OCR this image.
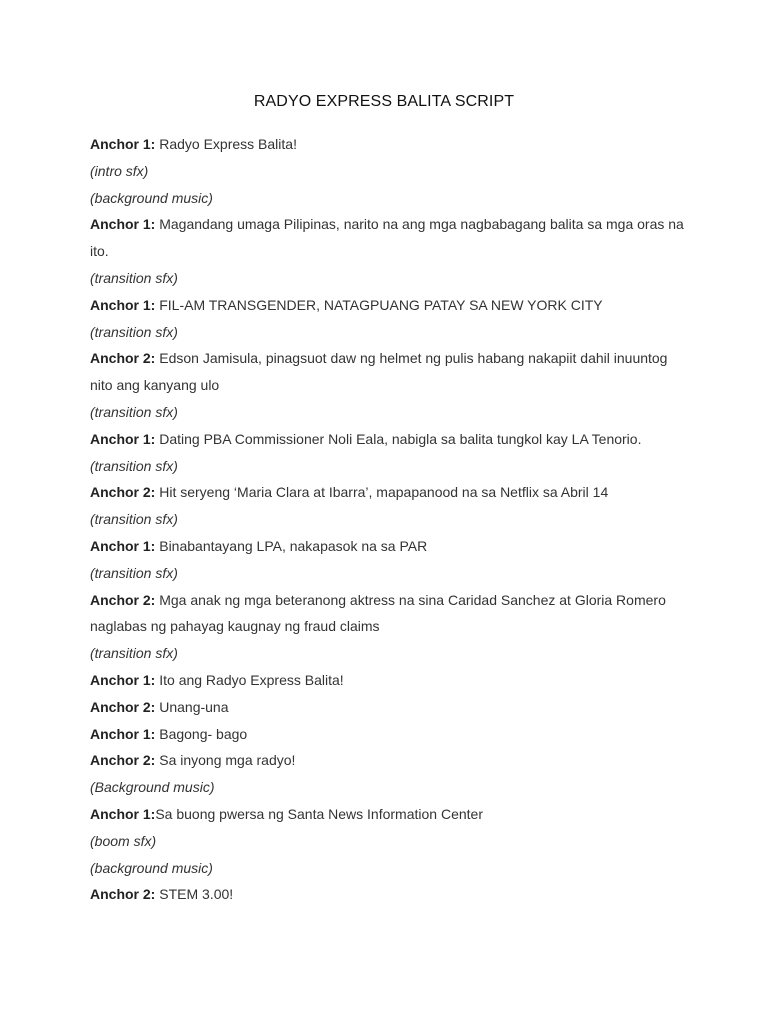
RADYO EXPRESS BALITA SCRIPT
Anchor 1: Radyo Express Balita!
(intro sfx)
(background music)
Anchor 1: Magandang umaga Pilipinas, narito na ang mga nagbabagang balita sa mga oras na ito.
(transition sfx)
Anchor 1: FIL-AM TRANSGENDER, NATAGPUANG PATAY SA NEW YORK CITY
(transition sfx)
Anchor 2: Edson Jamisula, pinagsuot daw ng helmet ng pulis habang nakapiit dahil inuuntog nito ang kanyang ulo
(transition sfx)
Anchor 1: Dating PBA Commissioner Noli Eala, nabigla sa balita tungkol kay LA Tenorio.
(transition sfx)
Anchor 2: Hit seryeng ‘Maria Clara at Ibarra’, mapapanood na sa Netflix sa Abril 14
(transition sfx)
Anchor 1: Binabantayang LPA, nakapasok na sa PAR
(transition sfx)
Anchor 2: Mga anak ng mga beteranong aktress na sina Caridad Sanchez at Gloria Romero naglabas ng pahayag kaugnay ng fraud claims
(transition sfx)
Anchor 1: Ito ang Radyo Express Balita!
Anchor 2: Unang-una
Anchor 1: Bagong- bago
Anchor 2: Sa inyong mga radyo!
(Background music)
Anchor 1:Sa buong pwersa ng Santa News Information Center
(boom sfx)
(background music)
Anchor 2: STEM 3.00!
